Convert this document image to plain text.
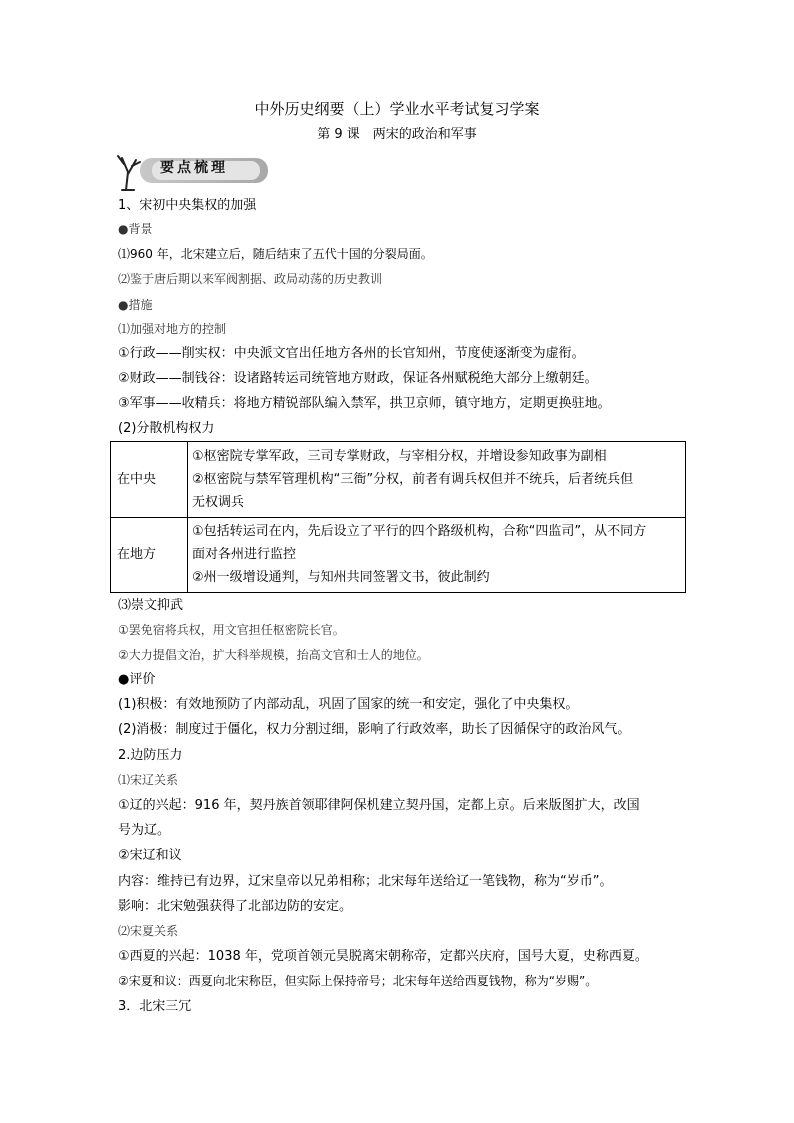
中外历史纲要（上）学业水平考试复习学案
第 9 课　两宋的政治和军事
要点梳理
1、宋初中央集权的加强
●背景
⑴960 年，北宋建立后，随后结束了五代十国的分裂局面。
⑵鉴于唐后期以来军阀割据、政局动荡的历史教训
●措施
⑴加强对地方的控制
①行政——削实权：中央派文官出任地方各州的长官知州，节度使逐渐变为虚衔。
②财政——制钱谷：设诸路转运司统管地方财政，保证各州赋税绝大部分上缴朝廷。
③军事——收精兵：将地方精锐部队编入禁军，拱卫京师，镇守地方，定期更换驻地。
(2)分散机构权力
在中央	①枢密院专掌军政，三司专掌财政，与宰相分权，并增设参知政事为副相
②枢密院与禁军管理机构“三衙”分权，前者有调兵权但并不统兵，后者统兵但
无权调兵

在地方	①包括转运司在内，先后设立了平行的四个路级机构，合称“四监司”，从不同方
面对各州进行监控
②州一级增设通判，与知州共同签署文书，彼此制约
⑶崇文抑武
①罢免宿将兵权，用文官担任枢密院长官。
②大力提倡文治，扩大科举规模，抬高文官和士人的地位。
●评价
(1)积极：有效地预防了内部动乱，巩固了国家的统一和安定，强化了中央集权。
(2)消极：制度过于僵化，权力分割过细，影响了行政效率，助长了因循保守的政治风气。
2.边防压力
⑴宋辽关系
①辽的兴起：916 年，契丹族首领耶律阿保机建立契丹国，定都上京。后来版图扩大，改国
号为辽。
②宋辽和议
内容：维持已有边界，辽宋皇帝以兄弟相称；北宋每年送给辽一笔钱物，称为“岁币”。
影响：北宋勉强获得了北部边防的安定。
⑵宋夏关系
①西夏的兴起：1038 年，党项首领元昊脱离宋朝称帝，定都兴庆府，国号大夏，史称西夏。
②宋夏和议：西夏向北宋称臣，但实际上保持帝号；北宋每年送给西夏钱物，称为“岁赐”。
3．北宋三冗
